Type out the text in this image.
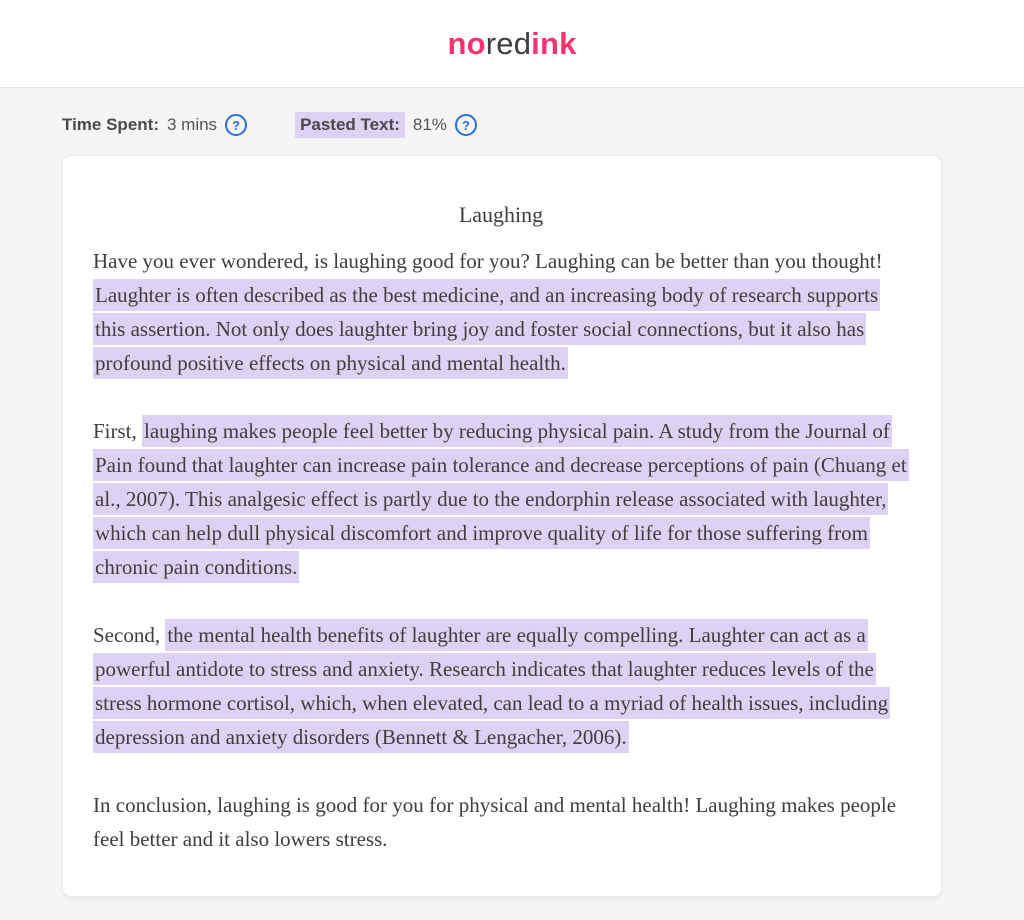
noredink
Time Spent: 3 mins ?	Pasted Text: 81% ?
Laughing

Have you ever wondered, is laughing good for you? Laughing can be better than you thought! Laughter is often described as the best medicine, and an increasing body of research supports this assertion. Not only does laughter bring joy and foster social connections, but it also has profound positive effects on physical and mental health.

First, laughing makes people feel better by reducing physical pain. A study from the Journal of Pain found that laughter can increase pain tolerance and decrease perceptions of pain (Chuang et al., 2007). This analgesic effect is partly due to the endorphin release associated with laughter, which can help dull physical discomfort and improve quality of life for those suffering from chronic pain conditions.

Second, the mental health benefits of laughter are equally compelling. Laughter can act as a powerful antidote to stress and anxiety. Research indicates that laughter reduces levels of the stress hormone cortisol, which, when elevated, can lead to a myriad of health issues, including depression and anxiety disorders (Bennett & Lengacher, 2006).

In conclusion, laughing is good for you for physical and mental health! Laughing makes people feel better and it also lowers stress.
